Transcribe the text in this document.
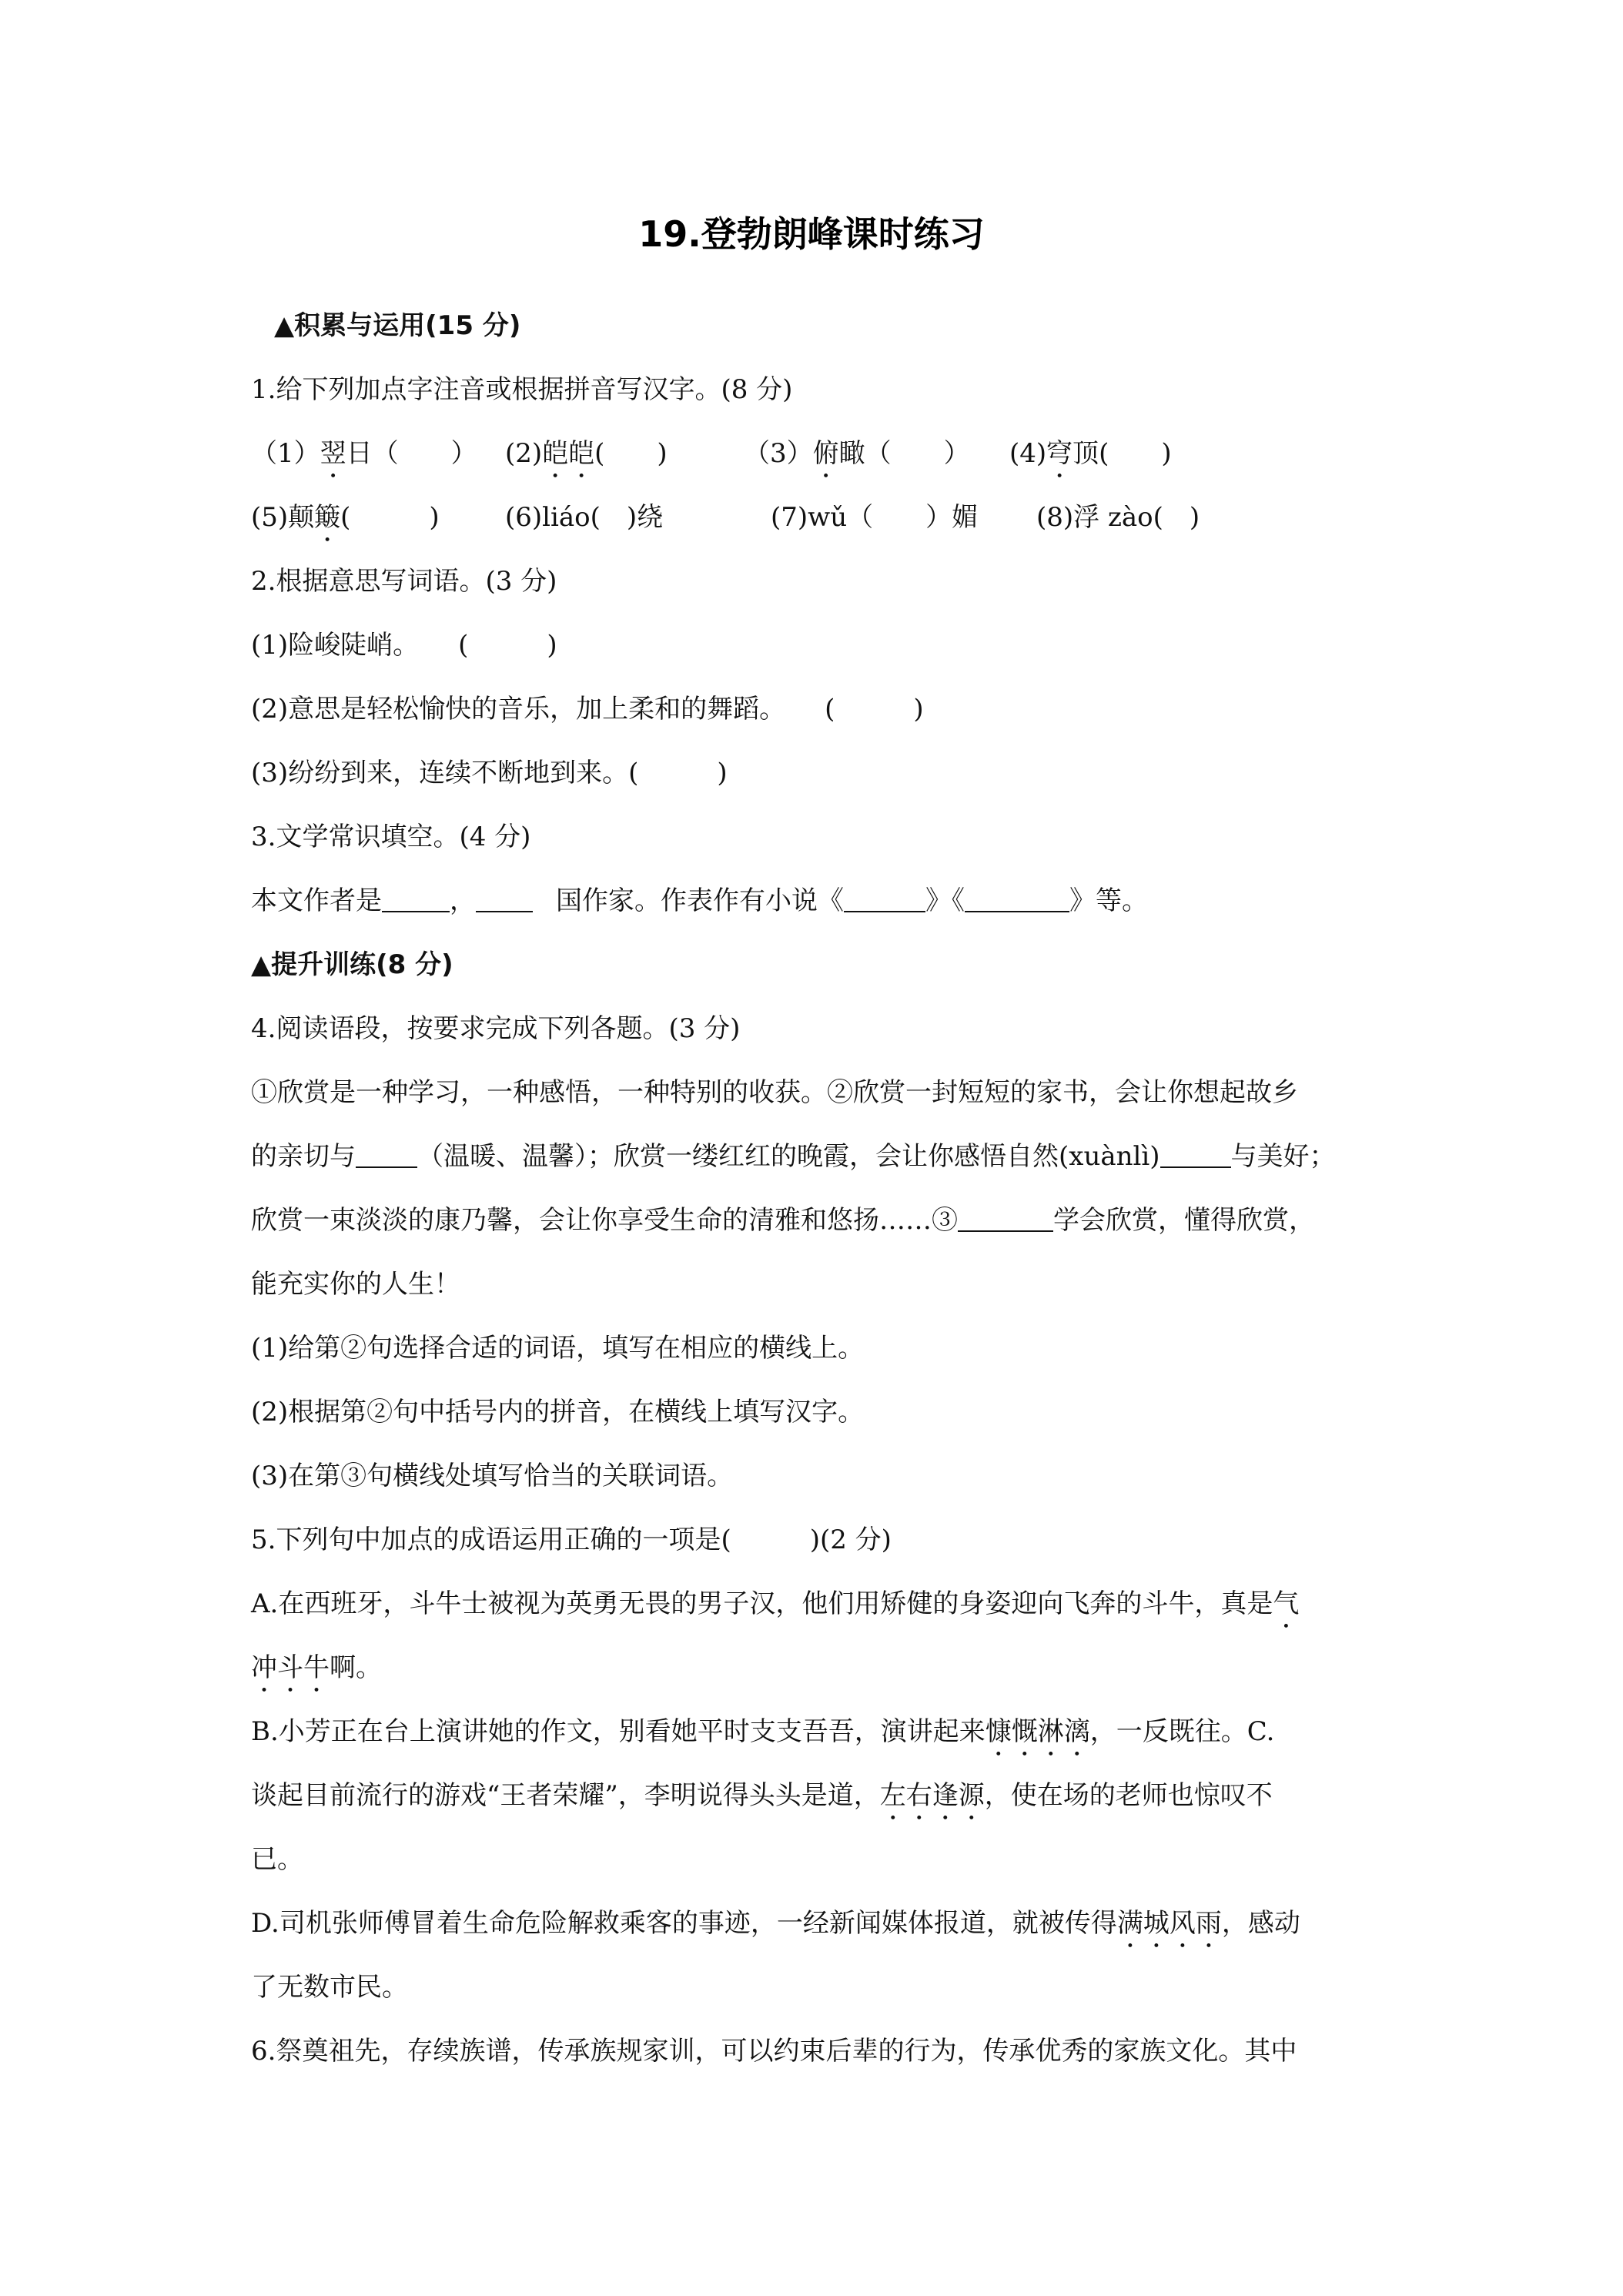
19.登勃朗峰课时练习
▲积累与运用(15 分)
1.给下列加点字注音或根据拼音写汉字。(8 分)
（1）翌日（　　）	(2)皑皑(　　)	（3）俯瞰（　　）	(4)穹顶(　　)
(5)颠簸(　　　)	(6)liáo(　)绕	(7)wǔ（　　）媚	(8)浮 zào(　)
2.根据意思写词语。(3 分)
(1)险峻陡峭。　　(　　　)
(2)意思是轻松愉快的音乐，加上柔和的舞蹈。　　(　　　)
(3)纷纷到来，连续不断地到来。(　　　)
3.文学常识填空。(4 分)
本文作者是	，	国作家。作表作有小说《	》《	》等。
▲提升训练(8 分)
4.阅读语段，按要求完成下列各题。(3 分)
①欣赏是一种学习，一种感悟，一种特别的收获。②欣赏一封短短的家书，会让你想起故乡
的亲切与 （温暖、温馨）；欣赏一缕红红的晚霞，会让你感悟自然(xuànlì)	与美好；
欣赏一束淡淡的康乃馨，会让你享受生命的清雅和悠扬……③	学会欣赏，懂得欣赏，
能充实你的人生！
(1)给第②句选择合适的词语，填写在相应的横线上。
(2)根据第②句中括号内的拼音，在横线上填写汉字。
(3)在第③句横线处填写恰当的关联词语。
5.下列句中加点的成语运用正确的一项是(　　　)(2 分)
A.在西班牙，斗牛士被视为英勇无畏的男子汉，他们用矫健的身姿迎向飞奔的斗牛，真是气
冲斗牛啊。
B.小芳正在台上演讲她的作文，别看她平时支支吾吾，演讲起来慷慨淋漓，一反既往。C.
谈起目前流行的游戏“王者荣耀”，李明说得头头是道，左右逢源，使在场的老师也惊叹不
已。
D.司机张师傅冒着生命危险解救乘客的事迹，一经新闻媒体报道，就被传得满城风雨，感动
了无数市民。
6.祭奠祖先，存续族谱，传承族规家训，可以约束后辈的行为，传承优秀的家族文化。其中
